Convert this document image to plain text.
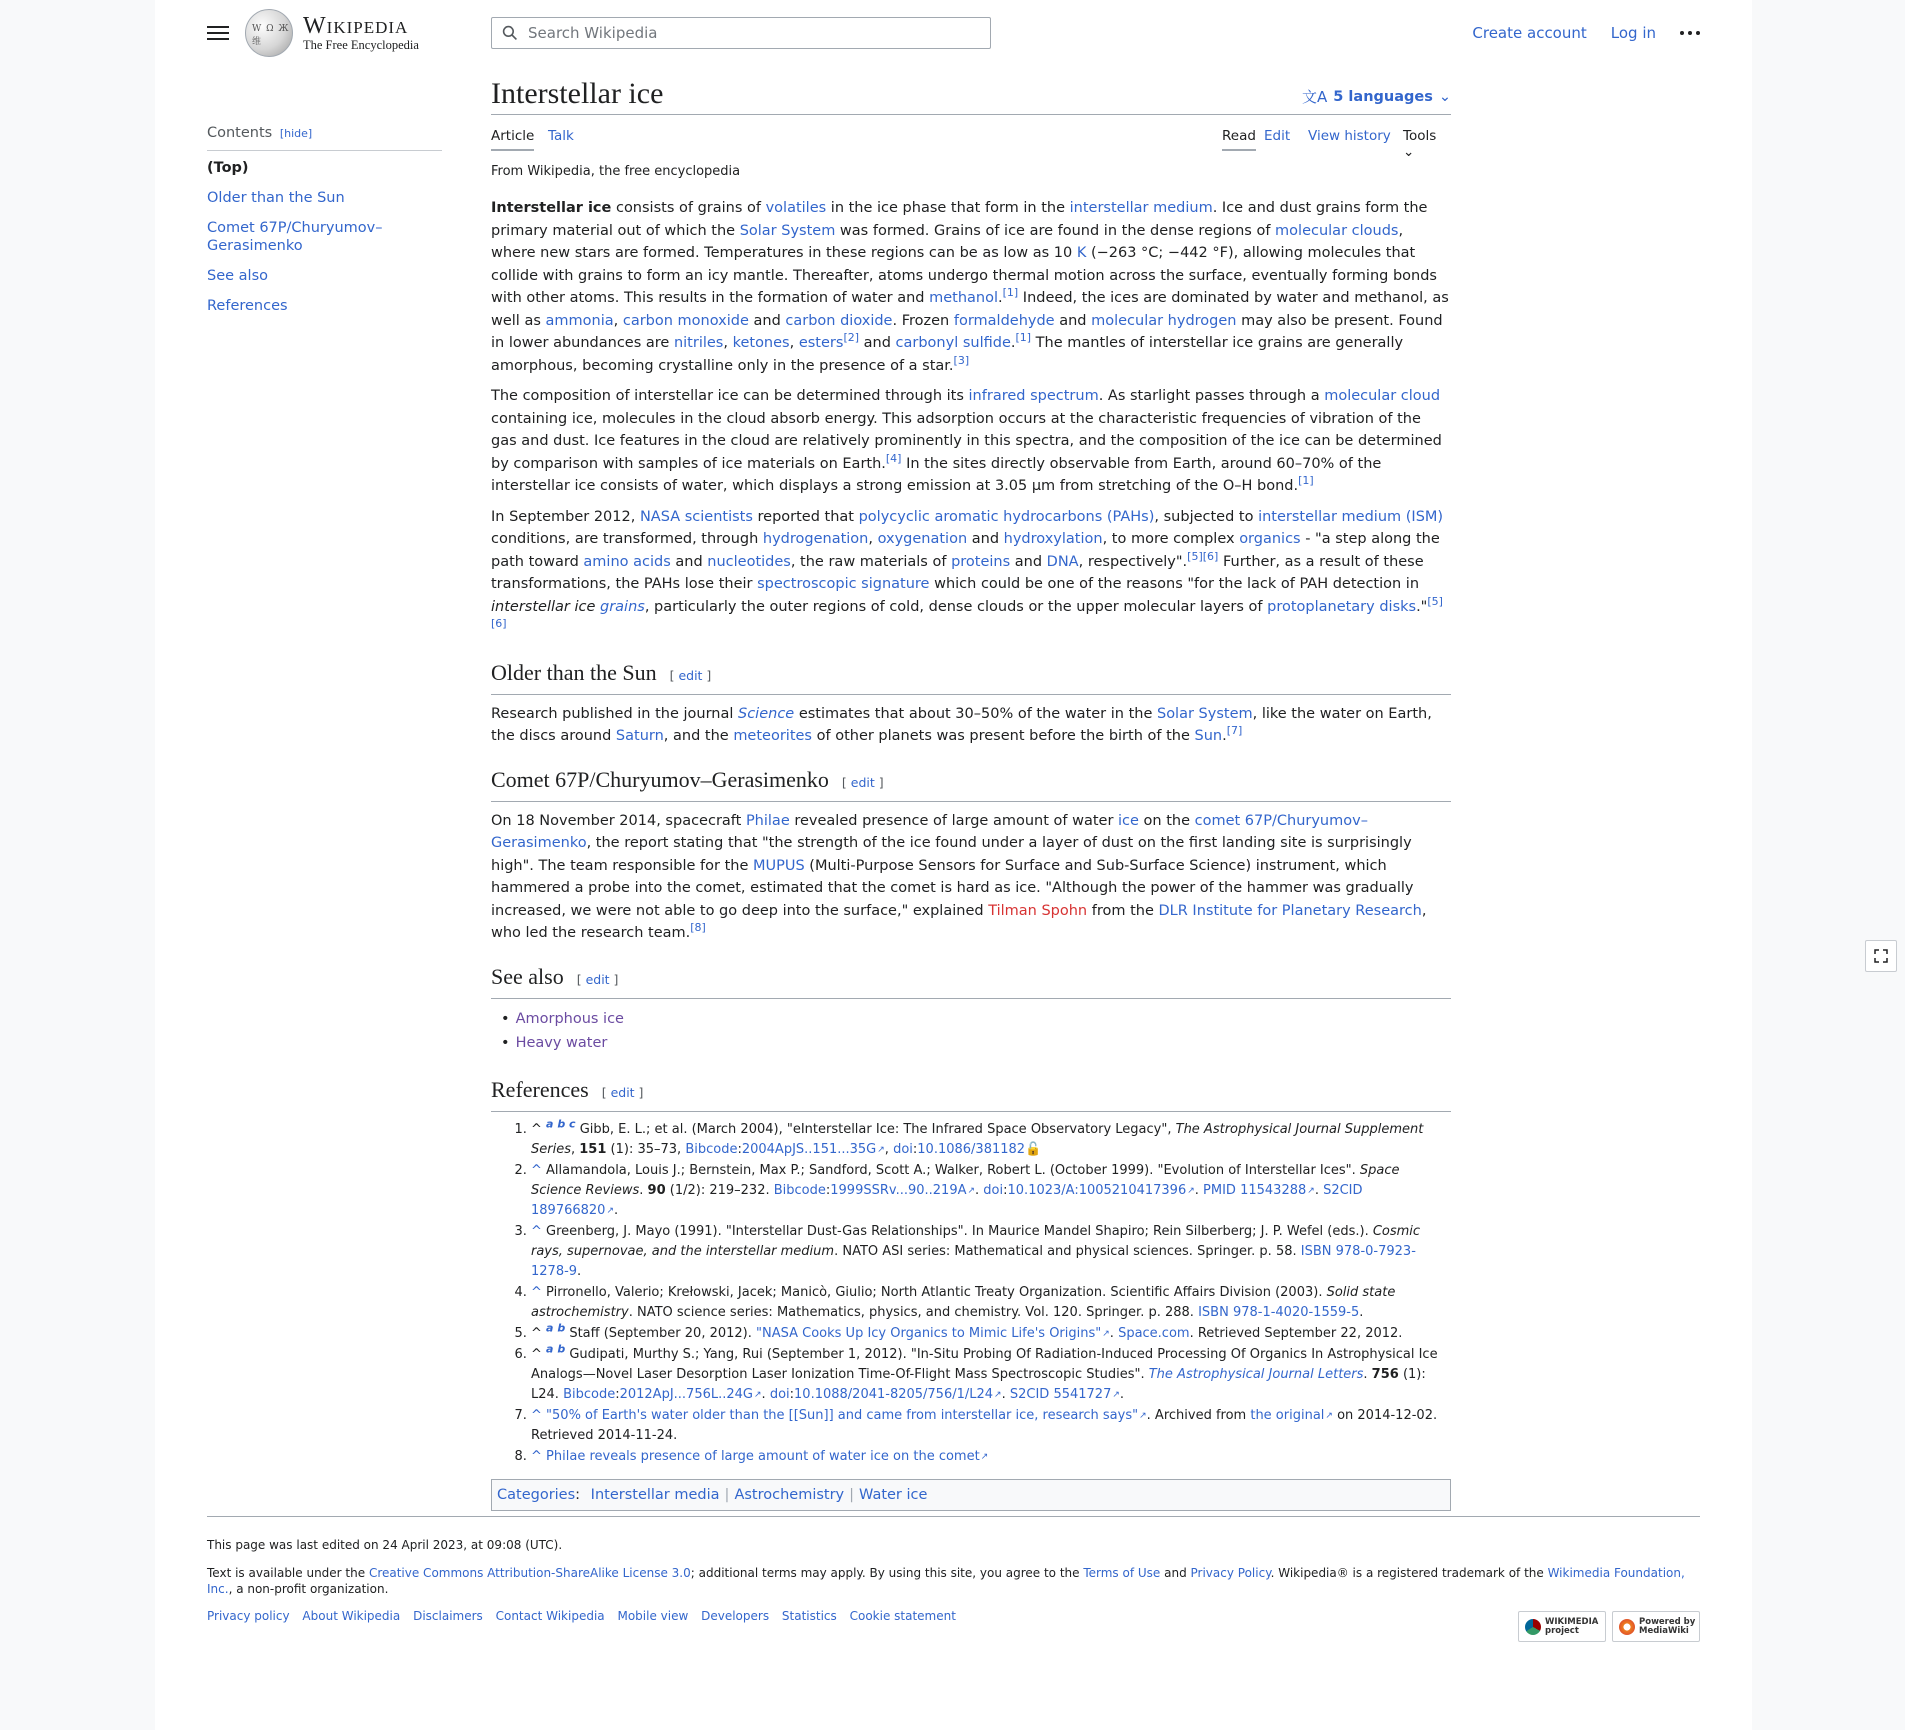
W Ω Ж 维
Wikipedia
The Free Encyclopedia
Search Wikipedia
Create account Log in
Contents [hide]
(Top)
Older than the Sun
Comet 67P/Churyumov–Gerasimenko
See also
References
Interstellar ice	文A 5 languages ⌄
Article Talk	Read Edit View history Tools ⌄
From Wikipedia, the free encyclopedia

Interstellar ice consists of grains of volatiles in the ice phase that form in the interstellar medium. Ice and dust grains form the primary material out of which the Solar System was formed. Grains of ice are found in the dense regions of molecular clouds, where new stars are formed. Temperatures in these regions can be as low as 10 K (−263 °C; −442 °F), allowing molecules that collide with grains to form an icy mantle. Thereafter, atoms undergo thermal motion across the surface, eventually forming bonds with other atoms. This results in the formation of water and methanol.[1] Indeed, the ices are dominated by water and methanol, as well as ammonia, carbon monoxide and carbon dioxide. Frozen formaldehyde and molecular hydrogen may also be present. Found in lower abundances are nitriles, ketones, esters[2] and carbonyl sulfide.[1] The mantles of interstellar ice grains are generally amorphous, becoming crystalline only in the presence of a star.[3]

The composition of interstellar ice can be determined through its infrared spectrum. As starlight passes through a molecular cloud containing ice, molecules in the cloud absorb energy. This adsorption occurs at the characteristic frequencies of vibration of the gas and dust. Ice features in the cloud are relatively prominently in this spectra, and the composition of the ice can be determined by comparison with samples of ice materials on Earth.[4] In the sites directly observable from Earth, around 60–70% of the interstellar ice consists of water, which displays a strong emission at 3.05 μm from stretching of the O–H bond.[1]

In September 2012, NASA scientists reported that polycyclic aromatic hydrocarbons (PAHs), subjected to interstellar medium (ISM) conditions, are transformed, through hydrogenation, oxygenation and hydroxylation, to more complex organics - "a step along the path toward amino acids and nucleotides, the raw materials of proteins and DNA, respectively".[5][6] Further, as a result of these transformations, the PAHs lose their spectroscopic signature which could be one of the reasons "for the lack of PAH detection in interstellar ice grains, particularly the outer regions of cold, dense clouds or the upper molecular layers of protoplanetary disks."[5][6]

Older than the Sun [ edit ]

Research published in the journal Science estimates that about 30–50% of the water in the Solar System, like the water on Earth, the discs around Saturn, and the meteorites of other planets was present before the birth of the Sun.[7]

Comet 67P/Churyumov–Gerasimenko [ edit ]

On 18 November 2014, spacecraft Philae revealed presence of large amount of water ice on the comet 67P/Churyumov–Gerasimenko, the report stating that "the strength of the ice found under a layer of dust on the first landing site is surprisingly high". The team responsible for the MUPUS (Multi-Purpose Sensors for Surface and Sub-Surface Science) instrument, which hammered a probe into the comet, estimated that the comet is hard as ice. "Although the power of the hammer was gradually increased, we were not able to go deep into the surface," explained Tilman Spohn from the DLR Institute for Planetary Research, who led the research team.[8]

See also [ edit ]
• Amorphous ice
• Heavy water
References [ edit ]
1. ^ $^{a b c}$ Gibb, E. L.; et al. (March 2004), "eInterstellar Ice: The Infrared Space Observatory Legacy", The Astrophysical Journal Supplement Series, 151 (1): 35–73, Bibcode:2004ApJS..151...35G ↗ , doi:10.1086/381182🔓
2. ^ Allamandola, Louis J.; Bernstein, Max P.; Sandford, Scott A.; Walker, Robert L. (October 1999). "Evolution of Interstellar Ices". Space Science Reviews. 90 (1/2): 219–232. Bibcode:1999SSRv...90..219A ↗ . doi:10.1023/A:1005210417396 ↗ . PMID 11543288 ↗ . S2CID 189766820 ↗ .
3. ^ Greenberg, J. Mayo (1991). "Interstellar Dust-Gas Relationships". In Maurice Mandel Shapiro; Rein Silberberg; J. P. Wefel (eds.). Cosmic rays, supernovae, and the interstellar medium. NATO ASI series: Mathematical and physical sciences. Springer. p. 58. ISBN 978-0-7923-1278-9.
4. ^ Pirronello, Valerio; Krełowski, Jacek; Manicò, Giulio; North Atlantic Treaty Organization. Scientific Affairs Division (2003). Solid state astrochemistry. NATO science series: Mathematics, physics, and chemistry. Vol. 120. Springer. p. 288. ISBN 978-1-4020-1559-5.
5. ^ $^{a b}$ Staff (September 20, 2012). "NASA Cooks Up Icy Organics to Mimic Life's Origins" ↗ . Space.com. Retrieved September 22, 2012.
6. ^ $^{a b}$ Gudipati, Murthy S.; Yang, Rui (September 1, 2012). "In-Situ Probing Of Radiation-Induced Processing Of Organics In Astrophysical Ice Analogs—Novel Laser Desorption Laser Ionization Time-Of-Flight Mass Spectroscopic Studies". The Astrophysical Journal Letters. 756 (1): L24. Bibcode:2012ApJ...756L..24G ↗ . doi:10.1088/2041-8205/756/1/L24 ↗ . S2CID 5541727 ↗ .
7. ^ "50% of Earth's water older than the [[Sun]] and came from interstellar ice, research says" ↗ . Archived from the original ↗ on 2014-12-02. Retrieved 2014-11-24.
8. ^ Philae reveals presence of large amount of water ice on the comet ↗
Categories: Interstellar media | Astrochemistry | Water ice

This page was last edited on 24 April 2023, at 09:08 (UTC).

Text is available under the Creative Commons Attribution-ShareAlike License 3.0; additional terms may apply. By using this site, you agree to the Terms of Use and Privacy Policy. Wikipedia® is a registered trademark of the Wikimedia Foundation, Inc., a non-profit organization.

Privacy policy About Wikipedia Disclaimers Contact Wikipedia Mobile view Developers Statistics Cookie statement	WIKIMEDIA project
Powered by MediaWiki
